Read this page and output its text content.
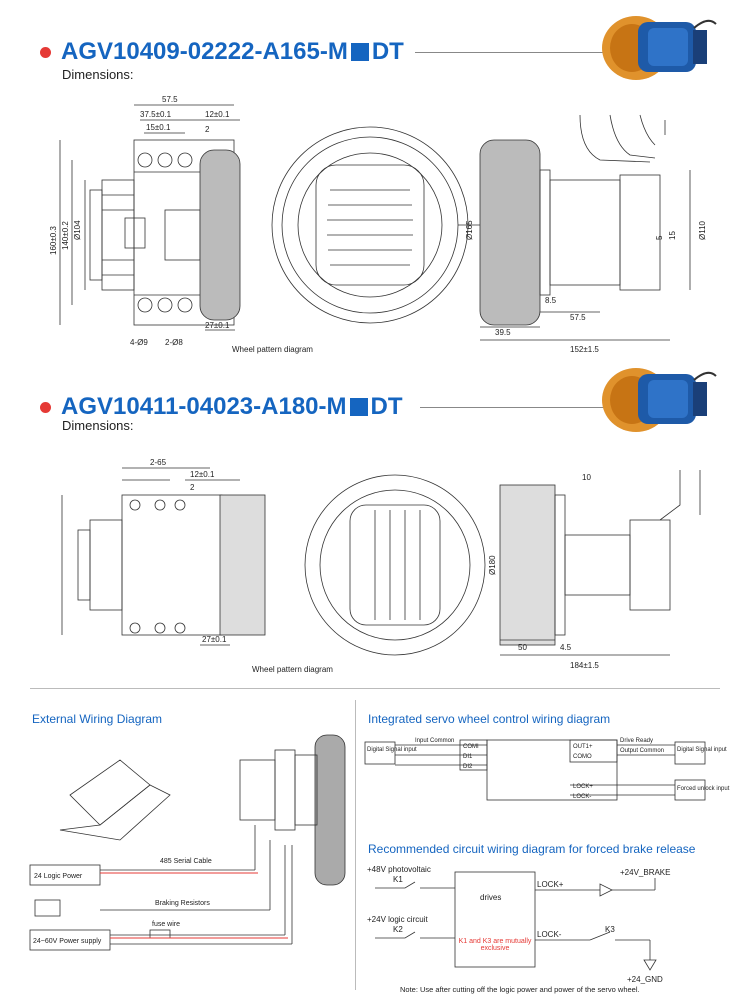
AGV10409-02222-A165-M DT
Dimensions:
57.5
37.5±0.1	12±0.1
15±0.1	2
Ø104
140±0.2
160±0.3
27±0.1
4-Ø9 2-Ø8
Ø165	Ø110
15
5
8.5
57.5
39.5
152±1.5
Wheel pattern diagram
AGV10411-04023-A180-M DT
Dimensions:
2-65
12±0.1
2
27±0.1
10
Ø180
50	4.5
184±1.5
Wheel pattern diagram
External Wiring Diagram
485 Serial Cable
24 Logic Power
Braking Resistors
fuse wire
24~60V Power supply
Integrated servo wheel control wiring diagram
Digital Signal input
Input Common
COMI
DI1
DI2
OUT1+
COMO
LOCK+
LOCK-
Drive Ready
Output Common Digital Signal input
Forced unlock input
Recommended circuit wiring diagram for forced brake release
+48V photovoltaic
K1
+24V logic circuit
K2
drives
LOCK+
LOCK-
+24V_BRAKE
K3
+24_GND
K1 and K3 are mutually exclusive
Note: Use after cutting off the logic power and power of the servo wheel.
